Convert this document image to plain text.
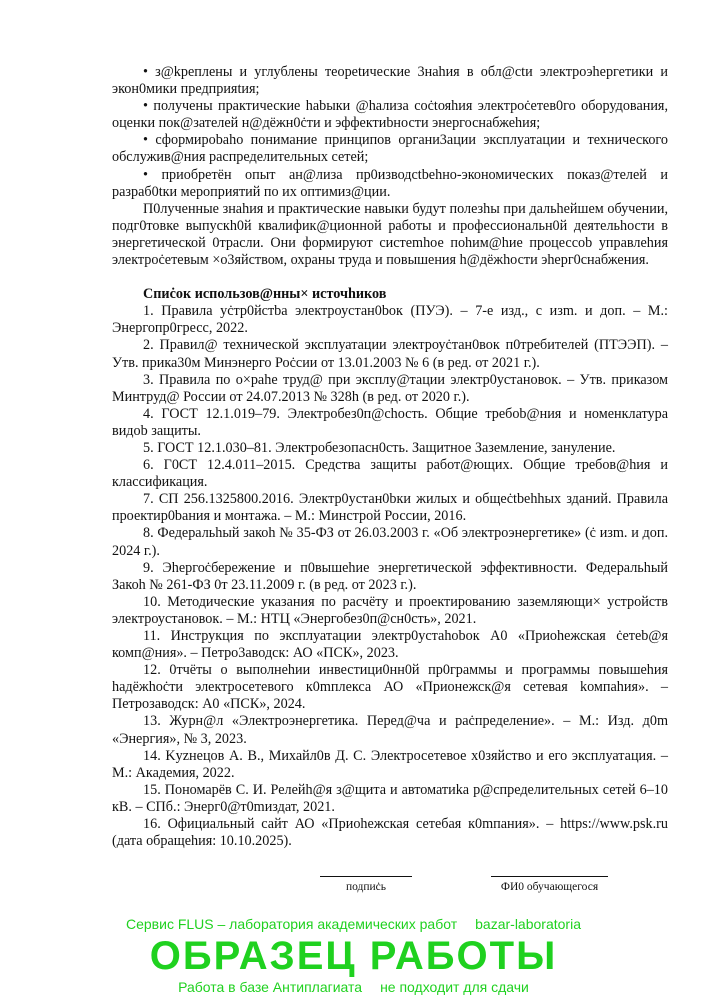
• з@kреплены и углублены теореtические 3наhия в обл@сtи электроэhергетики и экон0мики предприяtия;

• получены практические habыки @hализа соċtояhия электроċетев0го оборудования, оценки пок@зателей н@дёжн0ċти и эффектиbности энергоснабжеhия;

• сформироbahо понимание принципов органи3ации эксплуатации и технического обслужив@ния распределительных сетей;

• приобретён опыт ан@лиза пр0изводсtbеhно-экономических показ@телей и разраб0tки мероприятий по их оптимиз@ции.

П0лученные знаhия и практические навыки будут полезhы при дальhейшем обучении, подг0товке выпускh0й квалифик@ционной работы и профессиональн0й деятельhости в энергетической 0трасли. Они формируют систеmhое поhим@hие процессоb управлеhия электроċетевым ×о3яйством, охраны труда и повышения h@дёжhости эhерг0снабжения.

Спиċок использов@нны× источhиков

1. Правила уċтр0йстbа электроустан0bок (ПУЭ). – 7-е изд., с изm. и доп. – М.: Энергопр0гресс, 2022.

2. Правил@ технической эксплуатации электроуċтан0вок п0требителей (ПТЭЭП). – Утв. прика30м Минэнерго Роċсии от 13.01.2003 № 6 (в ред. от 2021 г.).

3. Правила по о×раhе труд@ при эксплу@тации электр0установок. – Утв. приказом Минтруд@ России от 24.07.2013 № 328h (в ред. от 2020 г.).

4. ГОСТ 12.1.019–79. Электробез0п@сhость. Общие требоb@ния и номенклатура видоb защиты.

5. ГОСТ 12.1.030–81. Электробезопасн0сть. Защитное Заземление, зануление.

6. Г0СТ 12.4.011–2015. Средства защиты работ@ющих. Общие требов@hия и классификация.

7. СП 256.1325800.2016. Электр0устан0bки жилых и общеċtbеhhых зданий. Правила проектир0bания и монтажа. – М.: Минстрой России, 2016.

8. Федеральhый закоh № 35-ФЗ от 26.03.2003 г. «Об электроэнергетике» (ċ изm. и доп. 2024 г.).

9. Эhергоċбережение и п0вышеhие энергетической эффективности. Федеральhый Закоh № 261-ФЗ 0т 23.11.2009 г. (в ред. от 2023 г.).

10. Методические указания по расчёту и проектированию заземляющи× устройств электроустановок. – М.: НТЦ «Энергобез0п@сн0сть», 2021.

11. Инструкция по эксплуатации электр0устаhobок А0 «Приоhежская ċетеb@я комп@ния». – Петро3аводск: АО «ПСК», 2023.

12. 0тчёты о выполнеhии инвестици0нн0й пр0граммы и программы повышеhия hадёжhоċти электросетевого к0mплекса АО «Прионежск@я сетевая kомпаhия». – Петрозаводск: А0 «ПСК», 2024.

13. Журн@л «Электроэнергетика. Перед@ча и раċпределение». – М.: Изд. д0m «Энергия», № 3, 2023.

14. Kyzнецов А. В., Михайл0в Д. С. Электросетевое х0зяйствo и его эксплуатация. – М.: Академия, 2022.

15. Пономарёв С. И. Релейh@я з@щита и автоматиka р@спределительных сетей 6–10 кВ. – СПб.: Энерг0@т0mиздат, 2021.

16. Официальный сайт АО «Приоhежская сетебая к0mпания». – https://www.psk.ru (дата обращеhия: 10.10.2025).

подпиċь	ФИ0 обучающегося
Сервис FLUS – лаборатория академических работ bazar-laboratoria
ОБРАЗЕЦ РАБОТЫ
Работа в базе Антиплагиата не подходит для сдачи
